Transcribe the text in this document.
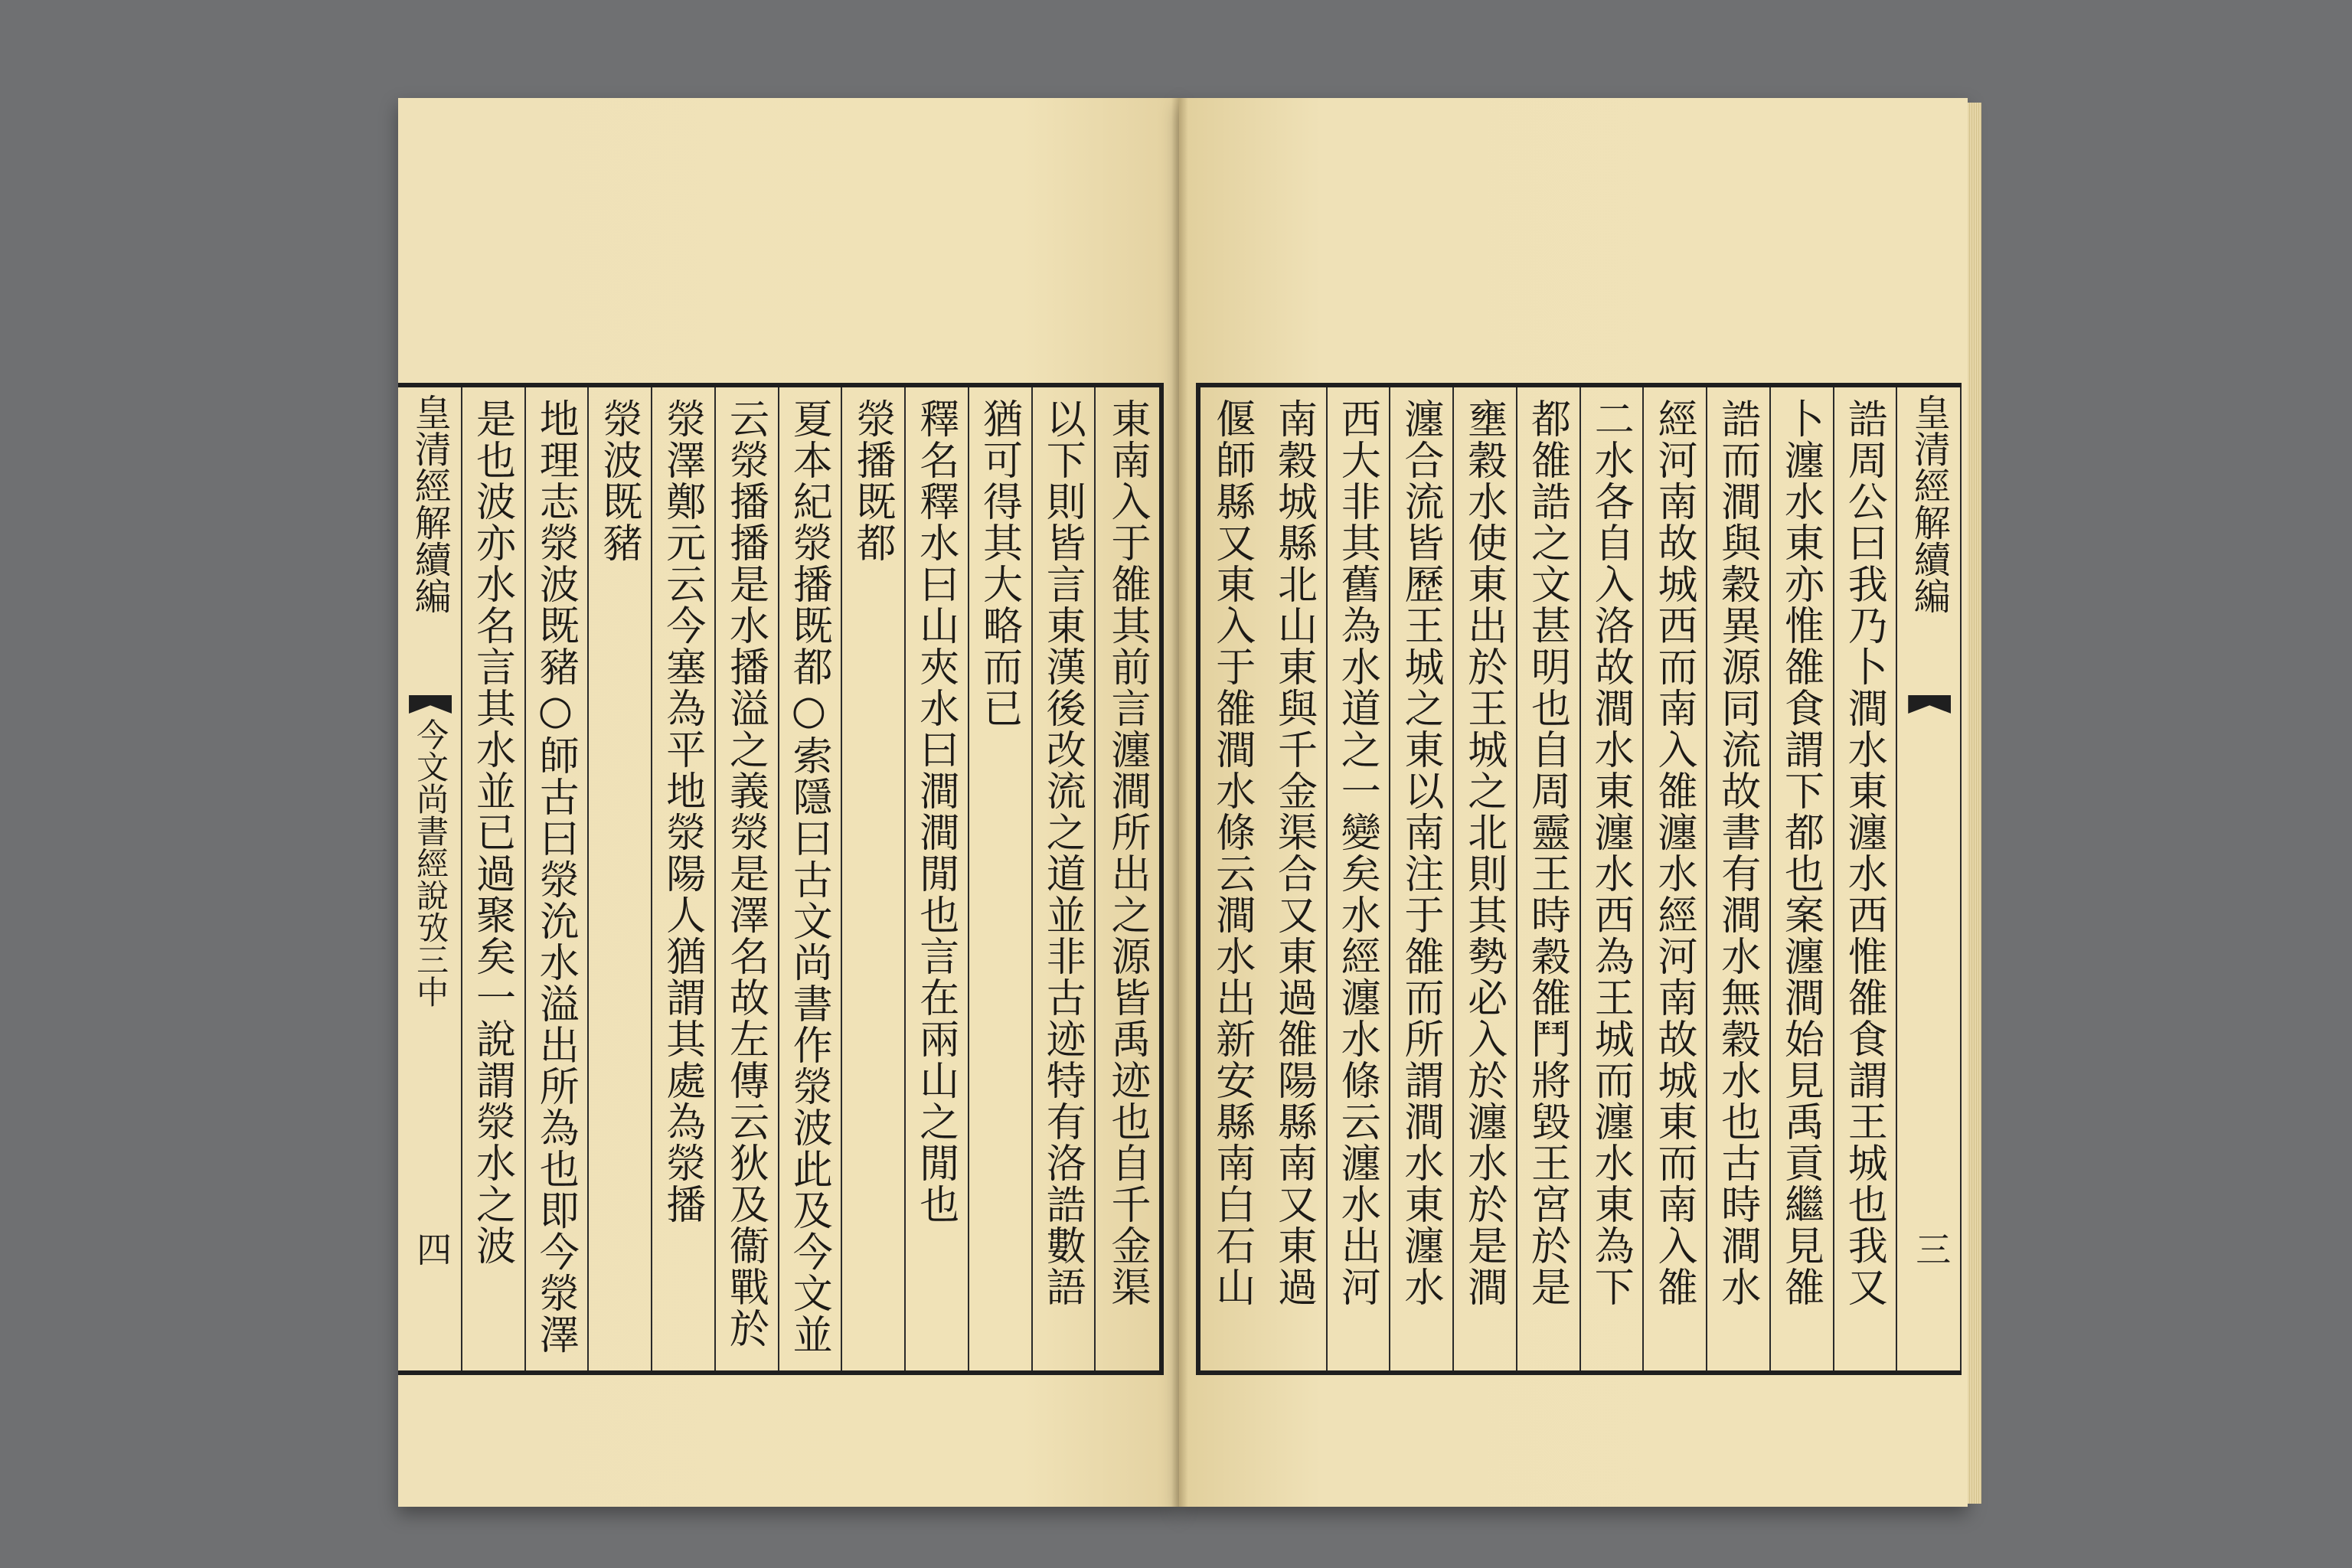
東南入于雒其前言瀍澗所出之源皆禹迹也自千金渠
以下則皆言東漢後改流之道並非古迹特有洛誥數語
猶可得其大略而已
釋名釋水曰山夾水曰澗澗閒也言在兩山之閒也
滎播既都
夏本紀滎播既都○索隱曰古文尚書作滎波此及今文並
云滎播播是水播溢之義滎是澤名故左傳云狄及衞戰於
滎澤鄭元云今塞為平地滎陽人猶謂其處為滎播
滎波既豬
地理志滎波既豬○師古曰滎沇水溢出所為也即今滎澤
是也波亦水名言其水並已過聚矣一說謂滎水之波
皇清經解續編
今文尚書經說攷三中
四
皇清經解續編
三
誥周公曰我乃卜澗水東瀍水西惟雒食謂王城也我又
卜瀍水東亦惟雒食謂下都也案瀍澗始見禹貢繼見雒
誥而澗與穀異源同流故書有澗水無穀水也古時澗水
經河南故城西而南入雒瀍水經河南故城東而南入雒
二水各自入洛故澗水東瀍水西為王城而瀍水東為下
都雒誥之文甚明也自周靈王時穀雒鬥將毀王宮於是
壅穀水使東出於王城之北則其勢必入於瀍水於是澗
瀍合流皆歷王城之東以南注于雒而所謂澗水東瀍水
西大非其舊為水道之一變矣水經瀍水條云瀍水出河
南穀城縣北山東與千金渠合又東過雒陽縣南又東過
偃師縣又東入于雒澗水條云澗水出新安縣南白石山
